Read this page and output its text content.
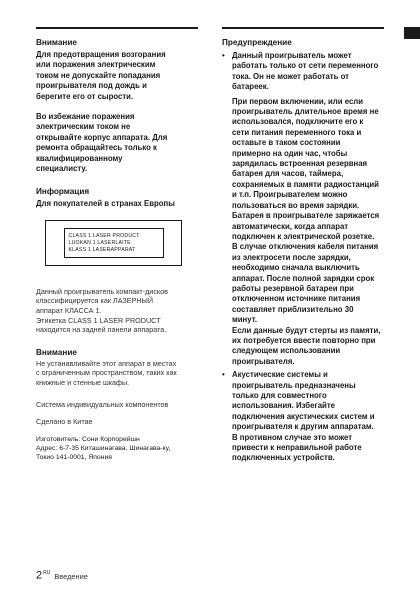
Внимание
Для предотвращения возгорания
или поражения электрическим
током не допускайте попадания
проигрывателя под дождь и
берегите его от сырости.
Во избежание поражения
электрическим током не
открывайте корпус аппарата. Для
ремонта обращайтесь только к
квалифицированному
специалисту.
Информация
Для покупателей в странах Европы
CLASS 1 LASER PRODUCT
LUOKAN 1 LASERLAITE
KLASS 1 LASERAPPARAT
Данный проигрыватель компакт-дисков
классифицируется как ЛАЗЕРНЫЙ
аппарат КЛАССА 1.
Этикетка CLASS 1 LASER PRODUCT
находится на задней панели аппарата.
Внимание
Не устанавливайте этот аппарат в местах
с ограниченным пространством, таких как
книжные и стенные шкафы.
Система индивидуальных компонентов
Сделано в Китае
Изготовитель: Сони Корпорейшн
Адрес: 6-7-35 Киташинагава, Шинагава-ку,
Токио 141-0001, Япония
Предупреждение
• Данный проигрыватель может
работать только от сети переменного
тока. Он не может работать от
батареек.
При первом включении, или если
проигрыватель длительное время не
использовался, подключите его к
сети питания переменного тока и
оставьте в таком состоянии
примерно на один час, чтобы
зарядилась встроенная резервная
батарея для часов, таймера,
сохраняемых в памяти радиостанций
и т.п. Проигрывателем можно
пользоваться во время зарядки.
Батарея в проигрывателе заряжается
автоматически, когда аппарат
подключен к электрической розетке.
В случае отключения кабеля питания
из электросети после зарядки,
необходимо сначала выключить
аппарат. После полной зарядки срок
работы резервной батареи при
отключенном источнике питания
составляет приблизительно 30
минут.
Если данные будут стерты из памяти,
их потребуется ввести повторно при
следующем использовании
проигрывателя.
• Акустические системы и
проигрыватель предназначены
только для совместного
использования. Избегайте
подключения акустических систем и
проигрывателя к другим аппаратам.
В противном случае это может
привести к неправильной работе
подключенных устройств.
$2^{RU}$ Введение
